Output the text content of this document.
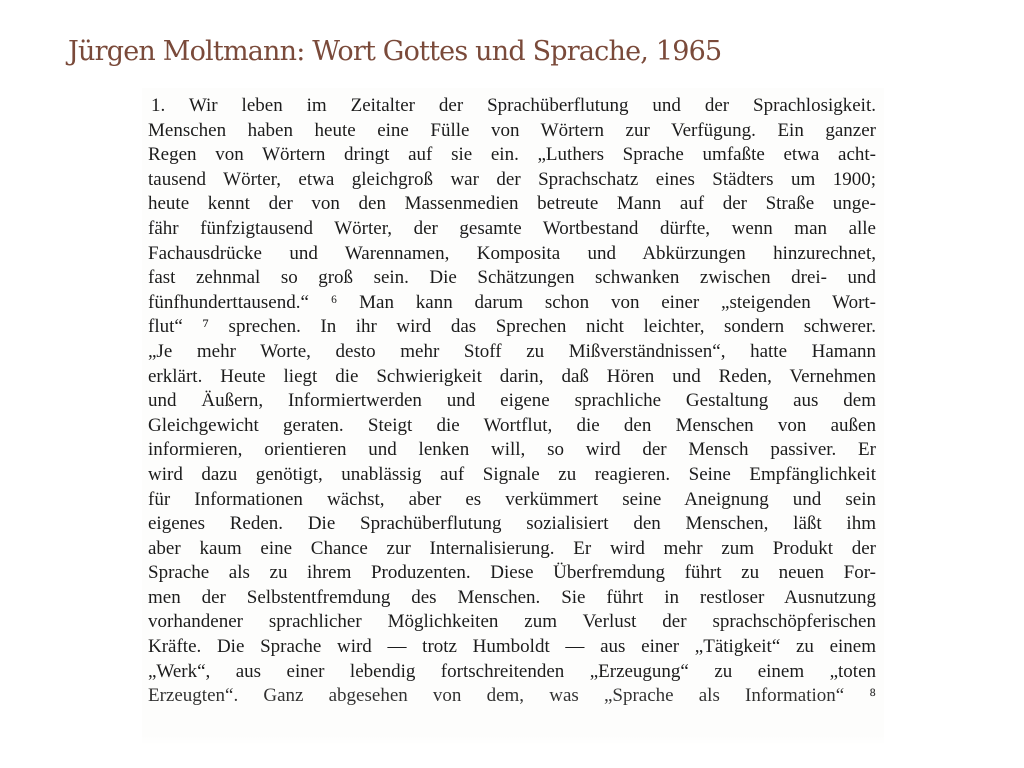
Jürgen Moltmann: Wort Gottes und Sprache, 1965
1. Wir leben im Zeitalter der Sprachüberflutung und der Sprachlosigkeit.
Menschen haben heute eine Fülle von Wörtern zur Verfügung. Ein ganzer
Regen von Wörtern dringt auf sie ein. „Luthers Sprache umfaßte etwa acht-
tausend Wörter, etwa gleichgroß war der Sprachschatz eines Städters um 1900;
heute kennt der von den Massenmedien betreute Mann auf der Straße unge-
fähr fünfzigtausend Wörter, der gesamte Wortbestand dürfte, wenn man alle
Fachausdrücke und Warennamen, Komposita und Abkürzungen hinzurechnet,
fast zehnmal so groß sein. Die Schätzungen schwanken zwischen drei- und
fünfhunderttausend.“ ⁶ Man kann darum schon von einer „steigenden Wort-
flut“ ⁷ sprechen. In ihr wird das Sprechen nicht leichter, sondern schwerer.
„Je mehr Worte, desto mehr Stoff zu Mißverständnissen“, hatte Hamann
erklärt. Heute liegt die Schwierigkeit darin, daß Hören und Reden, Vernehmen
und Äußern, Informiertwerden und eigene sprachliche Gestaltung aus dem
Gleichgewicht geraten. Steigt die Wortflut, die den Menschen von außen
informieren, orientieren und lenken will, so wird der Mensch passiver. Er
wird dazu genötigt, unablässig auf Signale zu reagieren. Seine Empfänglichkeit
für Informationen wächst, aber es verkümmert seine Aneignung und sein
eigenes Reden. Die Sprachüberflutung sozialisiert den Menschen, läßt ihm
aber kaum eine Chance zur Internalisierung. Er wird mehr zum Produkt der
Sprache als zu ihrem Produzenten. Diese Überfremdung führt zu neuen For-
men der Selbstentfremdung des Menschen. Sie führt in restloser Ausnutzung
vorhandener sprachlicher Möglichkeiten zum Verlust der sprachschöpferischen
Kräfte. Die Sprache wird — trotz Humboldt — aus einer „Tätigkeit“ zu einem
„Werk“, aus einer lebendig fortschreitenden „Erzeugung“ zu einem „toten
Erzeugten“. Ganz abgesehen von dem, was „Sprache als Information“ ⁸
